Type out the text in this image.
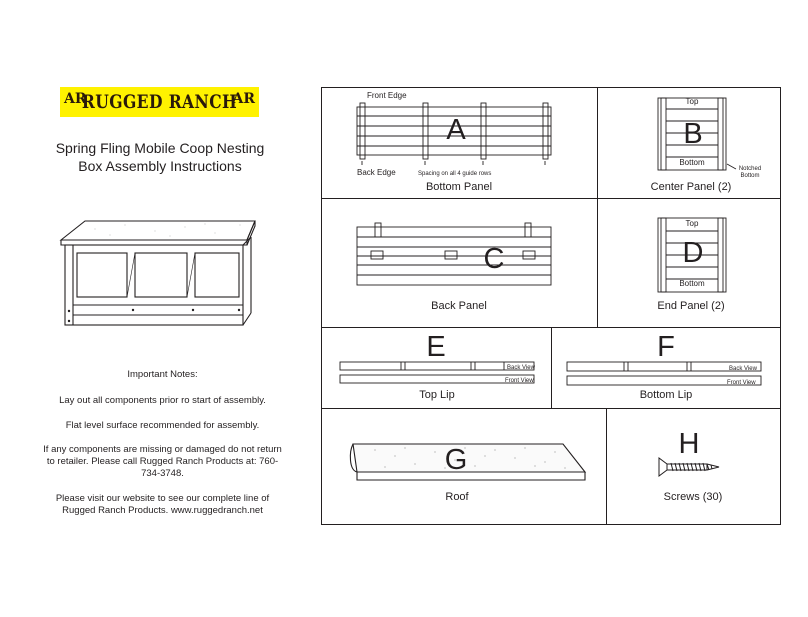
AR
RUGGED RANCH
AR
Spring Fling Mobile Coop Nesting
Box Assembly Instructions

Important Notes:

Lay out all components prior ro start of assembly.

Flat level surface recommended for assembly.

If any components are missing or damaged do not return to retailer. Please call Rugged Ranch Products at: 760-734-3748.

Please visit our website to see our complete line of Rugged Ranch Products. www.ruggedranch.net

Front Edge
A
Back Edge	Spacing on all 4 guide rows
Bottom Panel
Top
B
Bottom
Notched Bottom
Center Panel (2)
C
Back Panel
Top
D
Bottom
End Panel (2)
E
Back View
Front View
Top Lip
F
Back View
Front View
Bottom Lip
G
Roof
H
Screws (30)
